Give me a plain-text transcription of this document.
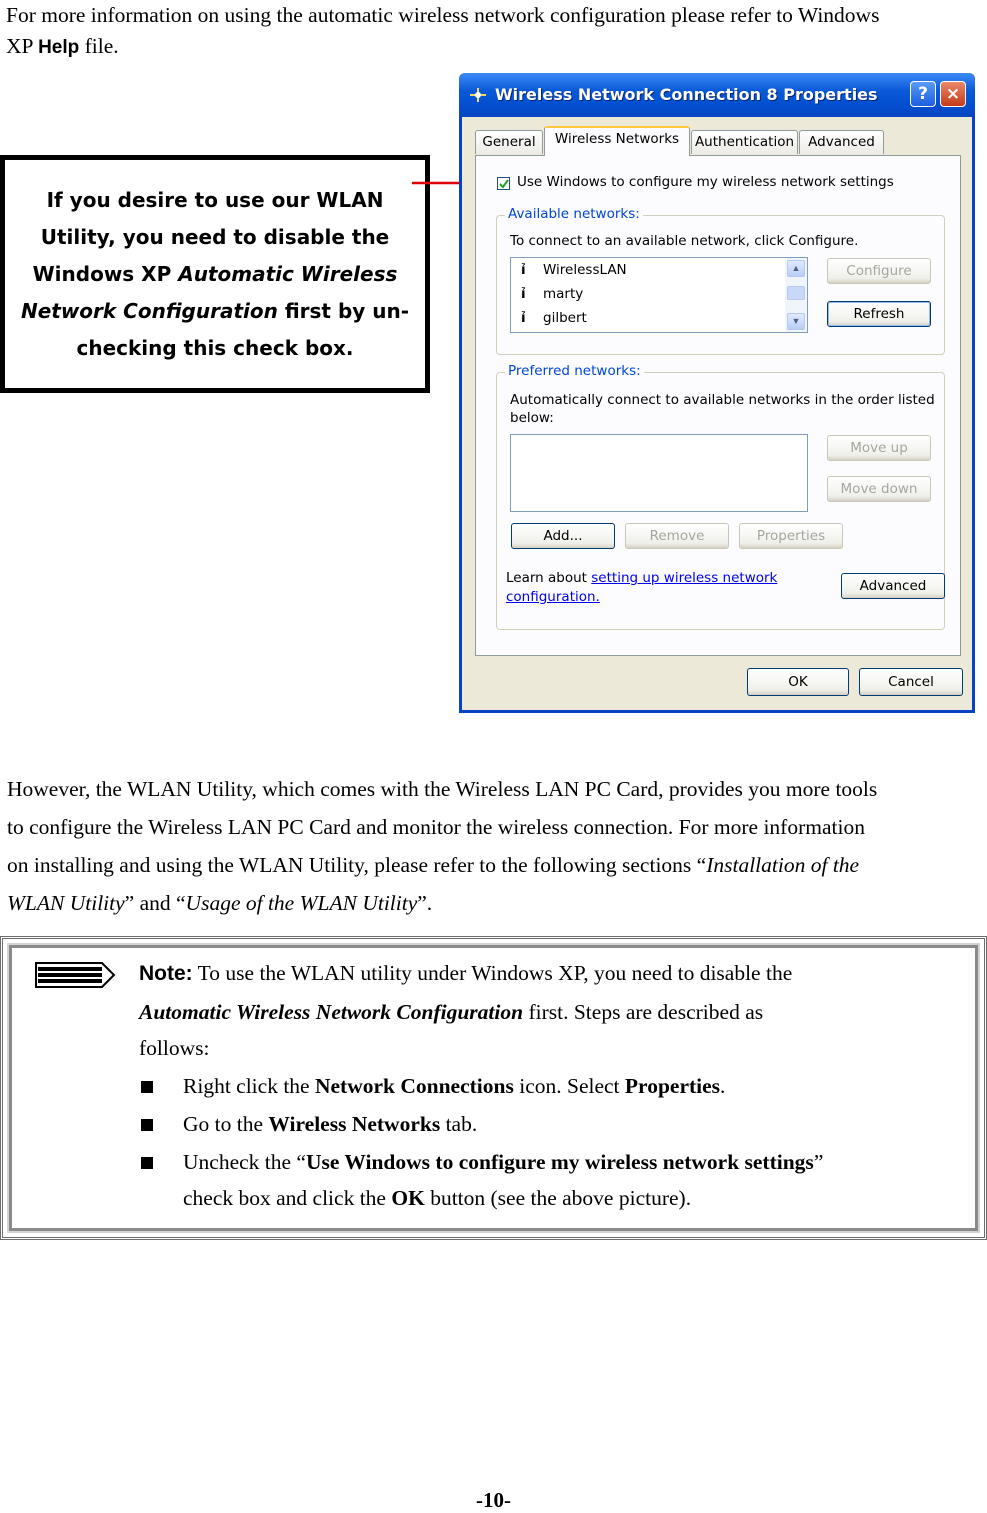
For more information on using the automatic wireless network configuration please refer to Windows
XP Help file.
If you desire to use our WLAN Utility, you need to disable the Windows XP Automatic Wireless Network Configuration first by un-checking this check box.
Wireless Network Connection 8 Properties	?	×
General	Wireless Networks	Authentication	Advanced
Use Windows to configure my wireless network settings
Available networks:
To connect to an available network, click Configure.
ỉ WirelessLAN
ỉ marty
ỉ gilbert
▲
▼
Configure
Refresh
Preferred networks:
Automatically connect to available networks in the order listed
below:
Move up
Move down
Add...	Remove	Properties
Learn about setting up wireless network
configuration.
Advanced
OK	Cancel
However, the WLAN Utility, which comes with the Wireless LAN PC Card, provides you more tools
to configure the Wireless LAN PC Card and monitor the wireless connection. For more information
on installing and using the WLAN Utility, please refer to the following sections “Installation of the
WLAN Utility” and “Usage of the WLAN Utility”.
Note: To use the WLAN utility under Windows XP, you need to disable the
Automatic Wireless Network Configuration first. Steps are described as
follows:
Right click the Network Connections icon. Select Properties.
Go to the Wireless Networks tab.
Uncheck the “Use Windows to configure my wireless network settings”
check box and click the OK button (see the above picture).
-10-
